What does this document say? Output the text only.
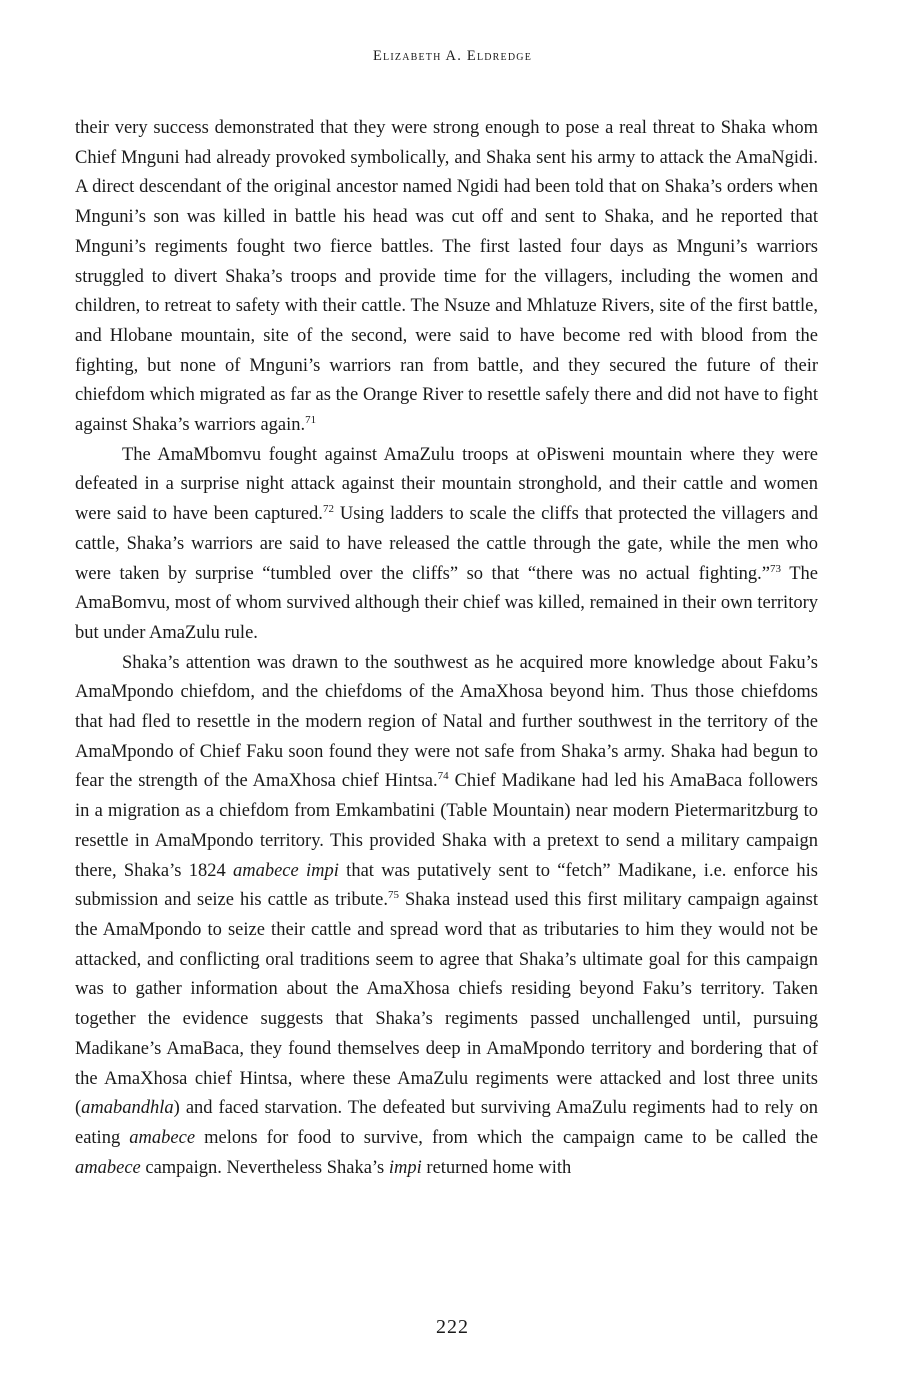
Elizabeth A. Eldredge

their very success demonstrated that they were strong enough to pose a real threat to Shaka whom Chief Mnguni had already provoked symbolically, and Shaka sent his army to attack the AmaNgidi. A direct descendant of the original ancestor named Ngidi had been told that on Shaka’s orders when Mnguni’s son was killed in battle his head was cut off and sent to Shaka, and he reported that Mnguni’s regiments fought two fierce battles. The first lasted four days as Mnguni’s warriors struggled to divert Shaka’s troops and provide time for the villagers, including the women and children, to retreat to safety with their cattle. The Nsuze and Mhlatuze Rivers, site of the first battle, and Hlobane mountain, site of the second, were said to have become red with blood from the fighting, but none of Mnguni’s warriors ran from battle, and they secured the future of their chiefdom which migrated as far as the Orange River to resettle safely there and did not have to fight against Shaka’s warriors again.$^{71}$

The AmaMbomvu fought against AmaZulu troops at oPisweni mountain where they were defeated in a surprise night attack against their mountain stronghold, and their cattle and women were said to have been captured.$^{72}$ Using ladders to scale the cliffs that protected the villagers and cattle, Shaka’s warriors are said to have released the cattle through the gate, while the men who were taken by surprise “tumbled over the cliffs” so that “there was no actual fighting.”$^{73}$ The AmaBomvu, most of whom survived although their chief was killed, remained in their own territory but under AmaZulu rule.

Shaka’s attention was drawn to the southwest as he acquired more knowledge about Faku’s AmaMpondo chiefdom, and the chiefdoms of the AmaXhosa beyond him. Thus those chiefdoms that had fled to resettle in the modern region of Natal and further southwest in the territory of the AmaMpondo of Chief Faku soon found they were not safe from Shaka’s army. Shaka had begun to fear the strength of the AmaXhosa chief Hintsa.$^{74}$ Chief Madikane had led his AmaBaca followers in a migration as a chiefdom from Emkambatini (Table Mountain) near modern Pietermaritzburg to resettle in AmaMpondo territory. This provided Shaka with a pretext to send a military campaign there, Shaka’s 1824 amabece impi that was putatively sent to “fetch” Madikane, i.e. enforce his submission and seize his cattle as tribute.$^{75}$ Shaka instead used this first military campaign against the AmaMpondo to seize their cattle and spread word that as tributaries to him they would not be attacked, and conflicting oral traditions seem to agree that Shaka’s ultimate goal for this campaign was to gather information about the AmaXhosa chiefs residing beyond Faku’s territory. Taken together the evidence suggests that Shaka’s regiments passed unchallenged until, pursuing Madikane’s AmaBaca, they found themselves deep in AmaMpondo territory and bordering that of the AmaXhosa chief Hintsa, where these AmaZulu regiments were attacked and lost three units (amabandhla) and faced starvation. The defeated but surviving AmaZulu regiments had to rely on eating amabece melons for food to survive, from which the campaign came to be called the amabece campaign. Nevertheless Shaka’s impi returned home with

222
